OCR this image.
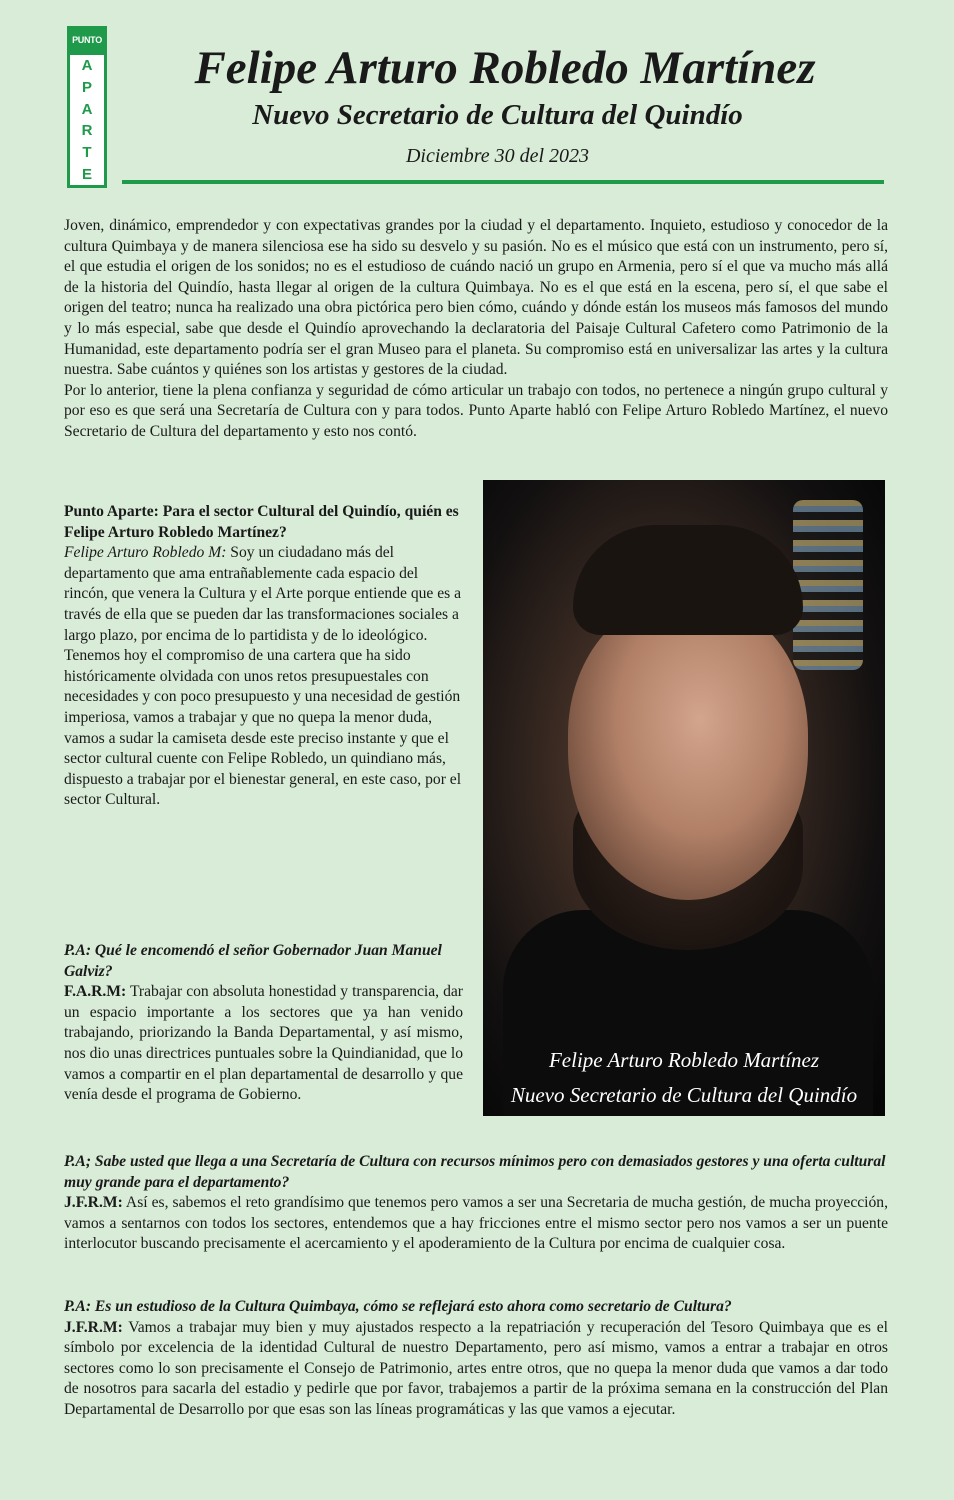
PUNTO
A
P
A
R
T
E
Felipe Arturo Robledo Martínez
Nuevo Secretario de Cultura del Quindío
Diciembre 30 del 2023

Joven, dinámico, emprendedor y con expectativas grandes por la ciudad y el departamento. Inquieto, estudioso y conocedor de la cultura Quimbaya y de manera silenciosa ese ha sido su desvelo y su pasión. No es el músico que está con un instrumento, pero sí, el que estudia el origen de los sonidos; no es el estudioso de cuándo nació un grupo en Armenia, pero sí el que va mucho más allá de la historia del Quindío, hasta llegar al origen de la cultura Quimbaya. No es el que está en la escena, pero sí, el que sabe el origen del teatro; nunca ha realizado una obra pictórica pero bien cómo, cuándo y dónde están los museos más famosos del mundo y lo más especial, sabe que desde el Quindío aprovechando la declaratoria del Paisaje Cultural Cafetero como Patrimonio de la Humanidad, este departamento podría ser el gran Museo para el planeta. Su compromiso está en universalizar las artes y la cultura nuestra. Sabe cuántos y quiénes son los artistas y gestores de la ciudad.

Por lo anterior, tiene la plena confianza y seguridad de cómo articular un trabajo con todos, no pertenece a ningún grupo cultural y por eso es que será una Secretaría de Cultura con y para todos. Punto Aparte habló con Felipe Arturo Robledo Martínez, el nuevo Secretario de Cultura del departamento y esto nos contó.

Punto Aparte: Para el sector Cultural del Quindío, quién es Felipe Arturo Robledo Martínez?

Felipe Arturo Robledo M: Soy un ciudadano más del departamento que ama entrañablemente cada espacio del rincón, que venera la Cultura y el Arte porque entiende que es a través de ella que se pueden dar las transformaciones sociales a largo plazo, por encima de lo partidista y de lo ideológico. Tenemos hoy el compromiso de una cartera que ha sido históricamente olvidada con unos retos presupuestales con necesidades y con poco presupuesto y una necesidad de gestión imperiosa, vamos a trabajar y que no quepa la menor duda, vamos a sudar la camiseta desde este preciso instante y que el sector cultural cuente con Felipe Robledo, un quindiano más, dispuesto a trabajar por el bienestar general, en este caso, por el sector Cultural.

P.A: Qué le encomendó el señor Gobernador Juan Manuel Galviz?

F.A.R.M: Trabajar con absoluta honestidad y transparencia, dar un espacio importante a los sectores que ya han venido trabajando, priorizando la Banda Departamental, y así mismo, nos dio unas directrices puntuales sobre la Quindianidad, que lo vamos a compartir en el plan departamental de desarrollo y que venía desde el programa de Gobierno.

Felipe Arturo Robledo Martínez
Nuevo Secretario de Cultura del Quindío

P.A; Sabe usted que llega a una Secretaría de Cultura con recursos mínimos pero con demasiados gestores y una oferta cultural muy grande para el departamento?

J.F.R.M: Así es, sabemos el reto grandísimo que tenemos pero vamos a ser una Secretaria de mucha gestión, de mucha proyección, vamos a sentarnos con todos los sectores, entendemos que a hay fricciones entre el mismo sector pero nos vamos a ser un puente interlocutor buscando precisamente el acercamiento y el apoderamiento de la Cultura por encima de cualquier cosa.

P.A: Es un estudioso de la Cultura Quimbaya, cómo se reflejará esto ahora como secretario de Cultura?

J.F.R.M: Vamos a trabajar muy bien y muy ajustados respecto a la repatriación y recuperación del Tesoro Quimbaya que es el símbolo por excelencia de la identidad Cultural de nuestro Departamento, pero así mismo, vamos a entrar a trabajar en otros sectores como lo son precisamente el Consejo de Patrimonio, artes entre otros, que no quepa la menor duda que vamos a dar todo de nosotros para sacarla del estadio y pedirle que por favor, trabajemos a partir de la próxima semana en la construcción del Plan Departamental de Desarrollo por que esas son las líneas programáticas y las que vamos a ejecutar.
